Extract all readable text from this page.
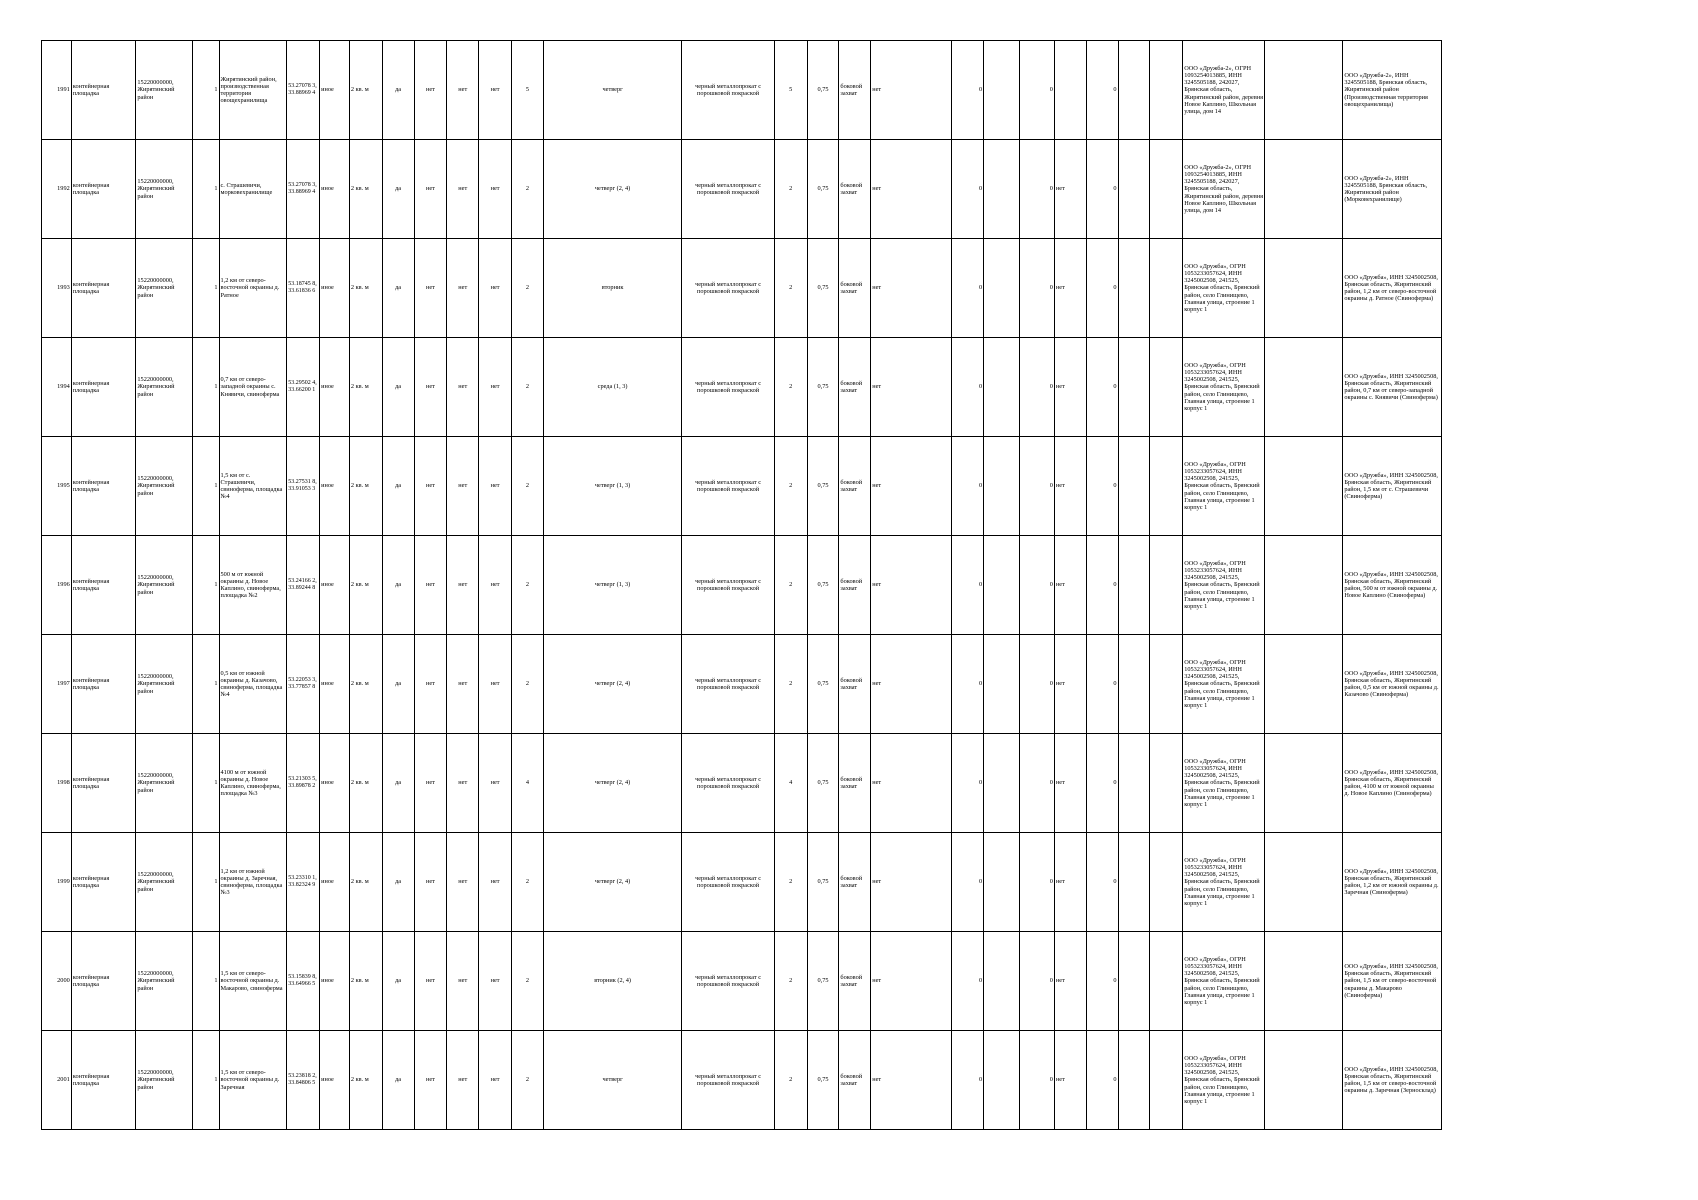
1991	контейнерная площадка	15220000000, Жирятинский район	1	Жирятинский район, производственная территория овощехранилища	53.27078 3, 33.88969 4	иное	2 кв. м	да	нет	нет	нет	5	четверг	черный металлопрокат с порошковой покраской	5	0,75	боковой захват	нет	0		0		0			ООО «Дружба-2», ОГРН 1093254013885, ИНН 3245505188, 242027, Брянская область, Жирятинский район, деревня Новое Каплино, Школьная улица, дом 14		ООО «Дружба-2», ИНН 3245505188, Брянская область, Жирятинский район (Производственная территория овощехранилища)
1992	контейнерная площадка	15220000000, Жирятинский район	1	с. Страшевичи, морковехранилище	53.27078 3, 33.88969 4	иное	2 кв. м	да	нет	нет	нет	2	четверг (2, 4)	черный металлопрокат с порошковой покраской	2	0,75	боковой захват	нет	0		0	нет	0			ООО «Дружба-2», ОГРН 1093254013885, ИНН 3245505188, 242027, Брянская область, Жирятинский район, деревня Новое Каплино, Школьная улица, дом 14		ООО «Дружба-2», ИНН 3245505188, Брянская область, Жирятинский район (Морковехранилище)
1993	контейнерная площадка	15220000000, Жирятинский район	1	1,2 км от северо-восточной окраины д. Ратное	53.18745 8, 33.61836 6	иное	2 кв. м	да	нет	нет	нет	2	вторник	черный металлопрокат с порошковой покраской	2	0,75	боковой захват	нет	0		0	нет	0			ООО «Дружба», ОГРН 1053233057624, ИНН 3245002508, 241525, Брянская область, Брянский район, село Глинищево, Главная улица, строение 1 корпус 1		ООО «Дружба», ИНН 3245002508, Брянская область, Жирятинский район, 1,2 км от северо-восточной окраины д. Ратное (Свиноферма)
1994	контейнерная площадка	15220000000, Жирятинский район	1	0,7 км от северо-западной окраины с. Княвичи, свиноферма	53.29502 4, 33.66200 1	иное	2 кв. м	да	нет	нет	нет	2	среда (1, 3)	черный металлопрокат с порошковой покраской	2	0,75	боковой захват	нет	0		0	нет	0			ООО «Дружба», ОГРН 1053233057624, ИНН 3245002508, 241525, Брянская область, Брянский район, село Глинищево, Главная улица, строение 1 корпус 1		ООО «Дружба», ИНН 3245002508, Брянская область, Жирятинский район, 0,7 км от северо-западной окраины с. Княвичи (Свиноферма)
1995	контейнерная площадка	15220000000, Жирятинский район	1	1,5 км от с. Страшевичи, свиноферма, площадка №4	53.27531 8, 33.91053 3	иное	2 кв. м	да	нет	нет	нет	2	четверг (1, 3)	черный металлопрокат с порошковой покраской	2	0,75	боковой захват	нет	0		0	нет	0			ООО «Дружба», ОГРН 1053233057624, ИНН 3245002508, 241525, Брянская область, Брянский район, село Глинищево, Главная улица, строение 1 корпус 1		ООО «Дружба», ИНН 3245002508, Брянская область, Жирятинский район, 1,5 км от с. Страшевичи (Свиноферма)
1996	контейнерная площадка	15220000000, Жирятинский район	1	500 м от южной окраины д. Новое Каплино, свиноферма, площадка №2	53.24166 2, 33.89244 8	иное	2 кв. м	да	нет	нет	нет	2	четверг (1, 3)	черный металлопрокат с порошковой покраской	2	0,75	боковой захват	нет	0		0	нет	0			ООО «Дружба», ОГРН 1053233057624, ИНН 3245002508, 241525, Брянская область, Брянский район, село Глинищево, Главная улица, строение 1 корпус 1		ООО «Дружба», ИНН 3245002508, Брянская область, Жирятинский район, 500 м от южной окраины д. Новое Каплино (Свиноферма)
1997	контейнерная площадка	15220000000, Жирятинский район	1	0,5 км от южной окраины д. Казачово, свиноферма, площадка №4	53.22053 3, 33.77857 8	иное	2 кв. м	да	нет	нет	нет	2	четверг (2, 4)	черный металлопрокат с порошковой покраской	2	0,75	боковой захват	нет	0		0	нет	0			ООО «Дружба», ОГРН 1053233057624, ИНН 3245002508, 241525, Брянская область, Брянский район, село Глинищево, Главная улица, строение 1 корпус 1		ООО «Дружба», ИНН 3245002508, Брянская область, Жирятинский район, 0,5 км от южной окраины д. Казачово (Свиноферма)
1998	контейнерная площадка	15220000000, Жирятинский район	1	4100 м от южной окраины д. Новое Каплино, свиноферма, площадка №3	53.21303 5, 33.89878 2	иное	2 кв. м	да	нет	нет	нет	4	четверг (2, 4)	черный металлопрокат с порошковой покраской	4	0,75	боковой захват	нет	0		0	нет	0			ООО «Дружба», ОГРН 1053233057624, ИНН 3245002508, 241525, Брянская область, Брянский район, село Глинищево, Главная улица, строение 1 корпус 1		ООО «Дружба», ИНН 3245002508, Брянская область, Жирятинский район, 4100 м от южной окраины д. Новое Каплино (Свиноферма)
1999	контейнерная площадка	15220000000, Жирятинский район	1	1,2 км от южной окраины д. Заречная, свиноферма, площадка №3	53.23310 1, 33.82324 9	иное	2 кв. м	да	нет	нет	нет	2	четверг (2, 4)	черный металлопрокат с порошковой покраской	2	0,75	боковой захват	нет	0		0	нет	0			ООО «Дружба», ОГРН 1053233057624, ИНН 3245002508, 241525, Брянская область, Брянский район, село Глинищево, Главная улица, строение 1 корпус 1		ООО «Дружба», ИНН 3245002508, Брянская область, Жирятинский район, 1,2 км от южной окраины д. Заречная (Свиноферма)
2000	контейнерная площадка	15220000000, Жирятинский район	1	1,5 км от северо-восточной окраины д. Макарово, свиноферма	53.15839 8, 33.64966 5	иное	2 кв. м	да	нет	нет	нет	2	вторник (2, 4)	черный металлопрокат с порошковой покраской	2	0,75	боковой захват	нет	0		0	нет	0			ООО «Дружба», ОГРН 1053233057624, ИНН 3245002508, 241525, Брянская область, Брянский район, село Глинищево, Главная улица, строение 1 корпус 1		ООО «Дружба», ИНН 3245002508, Брянская область, Жирятинский район, 1,5 км от северо-восточной окраины д. Макарово (Свиноферма)
2001	контейнерная площадка	15220000000, Жирятинский район	1	1,5 км от северо-восточной окраины д. Заречная	53.23818 2, 33.84806 5	иное	2 кв. м	да	нет	нет	нет	2	четверг	черный металлопрокат с порошковой покраской	2	0,75	боковой захват	нет	0		0	нет	0			ООО «Дружба», ОГРН 1053233057624, ИНН 3245002508, 241525, Брянская область, Брянский район, село Глинищево, Главная улица, строение 1 корпус 1		ООО «Дружба», ИНН 3245002508, Брянская область, Жирятинский район, 1,5 км от северо-восточной окраины д. Заречная (Зерносклад)
